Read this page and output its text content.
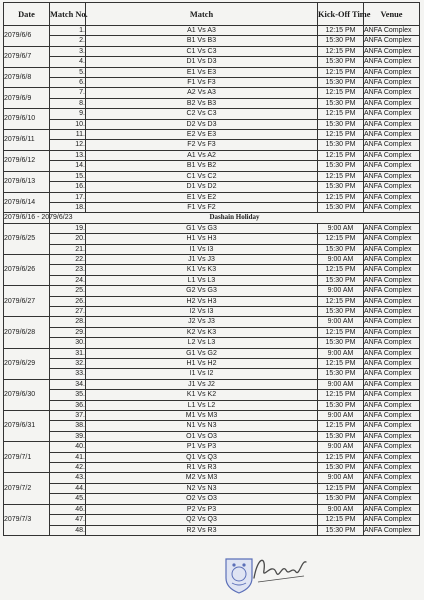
Date	Match No.	Match	Kick-Off Time	Venue
2079/6/6	1.	A1 Vs A3	12:15 PM	ANFA Complex
	2.	B1 Vs B3	15:30 PM	ANFA Complex
2079/6/7	3.	C1 Vs C3	12:15 PM	ANFA Complex
	4.	D1 Vs D3	15:30 PM	ANFA Complex
2079/6/8	5.	E1 Vs E3	12:15 PM	ANFA Complex
	6.	F1 Vs F3	15:30 PM	ANFA Complex
2079/6/9	7.	A2 Vs A3	12:15 PM	ANFA Complex
	8.	B2 Vs B3	15:30 PM	ANFA Complex
2079/6/10	9.	C2 Vs C3	12:15 PM	ANFA Complex
	10.	D2 Vs D3	15:30 PM	ANFA Complex
2079/6/11	11.	E2 Vs E3	12:15 PM	ANFA Complex
	12.	F2 Vs F3	15:30 PM	ANFA Complex
2079/6/12	13.	A1 Vs A2	12:15 PM	ANFA Complex
	14.	B1 Vs B2	15:30 PM	ANFA Complex
2079/6/13	15.	C1 Vs C2	12:15 PM	ANFA Complex
	16.	D1 Vs D2	15:30 PM	ANFA Complex
2079/6/14	17.	E1 Vs E2	12:15 PM	ANFA Complex
	18.	F1 Vs F2	15:30 PM	ANFA Complex
2079/6/16 - 2079/6/23	Dashain Holiday			
2079/6/25	19.	G1 Vs G3	9:00 AM	ANFA Complex
	20.	H1 Vs H3	12:15 PM	ANFA Complex
	21.	I1 Vs I3	15:30 PM	ANFA Complex
2079/6/26	22.	J1 Vs J3	9:00 AM	ANFA Complex
	23.	K1 Vs K3	12:15 PM	ANFA Complex
	24.	L1 Vs L3	15:30 PM	ANFA Complex
2079/6/27	25.	G2 Vs G3	9:00 AM	ANFA Complex
	26.	H2 Vs H3	12:15 PM	ANFA Complex
	27.	I2 Vs I3	15:30 PM	ANFA Complex
2079/6/28	28.	J2 Vs J3	9:00 AM	ANFA Complex
	29.	K2 Vs K3	12:15 PM	ANFA Complex
	30.	L2 Vs L3	15:30 PM	ANFA Complex
2079/6/29	31.	G1 Vs G2	9:00 AM	ANFA Complex
	32.	H1 Vs H2	12:15 PM	ANFA Complex
	33.	I1 Vs I2	15:30 PM	ANFA Complex
2079/6/30	34.	J1 Vs J2	9:00 AM	ANFA Complex
	35.	K1 Vs K2	12:15 PM	ANFA Complex
	36.	L1 Vs L2	15:30 PM	ANFA Complex
2079/6/31	37.	M1 Vs M3	9:00 AM	ANFA Complex
	38.	N1 Vs N3	12:15 PM	ANFA Complex
	39.	O1 Vs O3	15:30 PM	ANFA Complex
2079/7/1	40.	P1 Vs P3	9:00 AM	ANFA Complex
	41.	Q1 Vs Q3	12:15 PM	ANFA Complex
	42.	R1 Vs R3	15:30 PM	ANFA Complex
2079/7/2	43.	M2 Vs M3	9:00 AM	ANFA Complex
	44.	N2 Vs N3	12:15 PM	ANFA Complex
	45.	O2 Vs O3	15:30 PM	ANFA Complex
2079/7/3	46.	P2 Vs P3	9:00 AM	ANFA Complex
	47.	Q2 Vs Q3	12:15 PM	ANFA Complex
	48.	R2 Vs R3	15:30 PM	ANFA Complex
